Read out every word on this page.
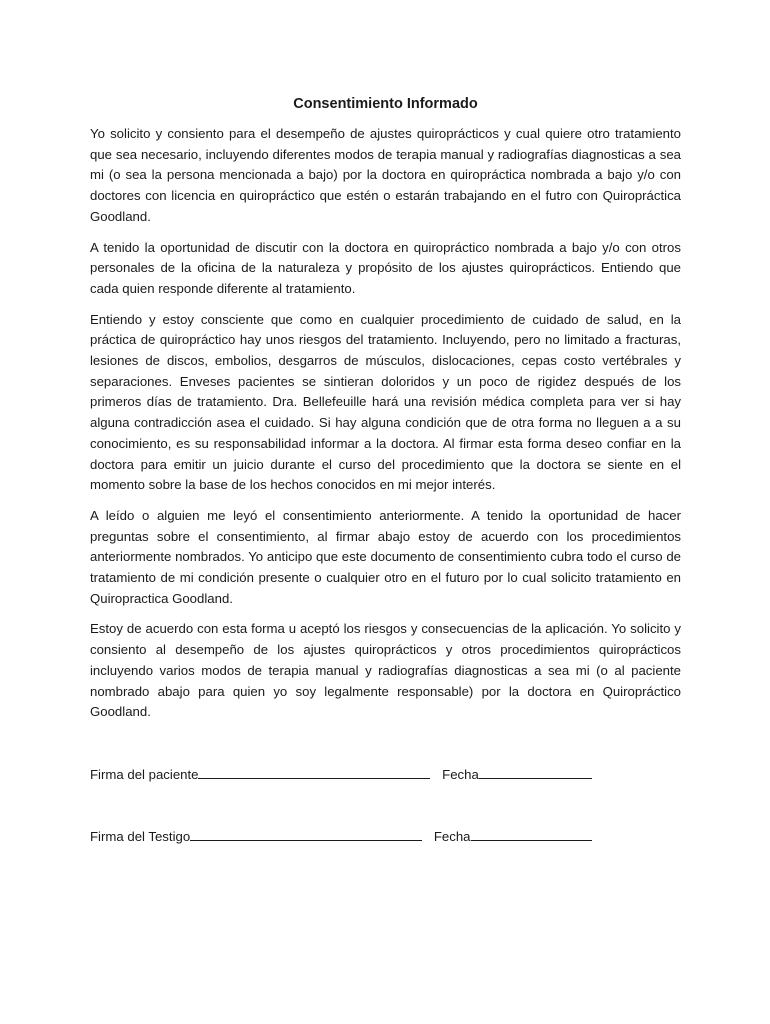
Consentimiento Informado

Yo solicito y consiento para el desempeño de ajustes quiroprácticos y cual quiere otro tratamiento que sea necesario, incluyendo diferentes modos de terapia manual y radiografías diagnosticas a sea mi (o sea la persona mencionada a bajo) por la doctora en quiropráctica nombrada a bajo y/o con doctores con licencia en quiropráctico que estén o estarán trabajando en el futro con Quiropráctica Goodland.

A tenido la oportunidad de discutir con la doctora en quiropráctico nombrada a bajo y/o con otros personales de la oficina de la naturaleza y propósito de los ajustes quiroprácticos. Entiendo que cada quien responde diferente al tratamiento.

Entiendo y estoy consciente que como en cualquier procedimiento de cuidado de salud, en la práctica de quiropráctico hay unos riesgos del tratamiento. Incluyendo, pero no limitado a fracturas, lesiones de discos, embolios, desgarros de músculos, dislocaciones, cepas costo vertébrales y separaciones. Enveses pacientes se sintieran doloridos y un poco de rigidez después de los primeros días de tratamiento. Dra. Bellefeuille hará una revisión médica completa para ver si hay alguna contradicción asea el cuidado. Si hay alguna condición que de otra forma no lleguen a a su conocimiento, es su responsabilidad informar a la doctora. Al firmar esta forma deseo confiar en la doctora para emitir un juicio durante el curso del procedimiento que la doctora se siente en el momento sobre la base de los hechos conocidos en mi mejor interés.

A leído o alguien me leyó el consentimiento anteriormente. A tenido la oportunidad de hacer preguntas sobre el consentimiento, al firmar abajo estoy de acuerdo con los procedimientos anteriormente nombrados. Yo anticipo que este documento de consentimiento cubra todo el curso de tratamiento de mi condición presente o cualquier otro en el futuro por lo cual solicito tratamiento en Quiropractica Goodland.

Estoy de acuerdo con esta forma u aceptó los riesgos y consecuencias de la aplicación. Yo solicito y consiento al desempeño de los ajustes quiroprácticos y otros procedimientos quiroprácticos incluyendo varios modos de terapia manual y radiografías diagnosticas a sea mi (o al paciente nombrado abajo para quien yo soy legalmente responsable) por la doctora en Quiropráctico Goodland.

Firma del paciente	Fecha
Firma del Testigo	Fecha
